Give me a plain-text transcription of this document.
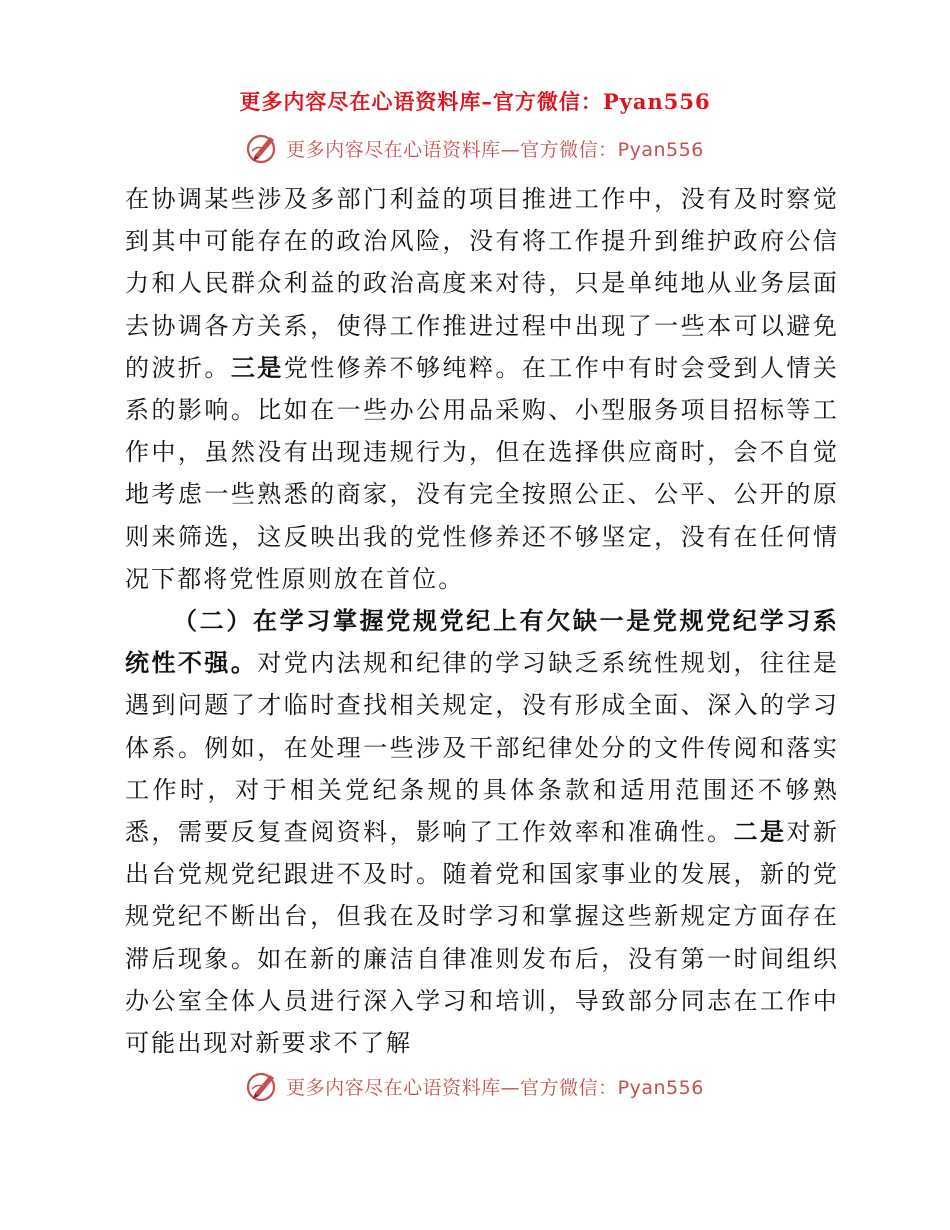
更多内容尽在心语资料库–官方微信：Pyan556
更多内容尽在心语资料库—官方微信：Pyan556

在协调某些涉及多部门利益的项目推进工作中，没有及时察觉到其中可能存在的政治风险，没有将工作提升到维护政府公信力和人民群众利益的政治高度来对待，只是单纯地从业务层面去协调各方关系，使得工作推进过程中出现了一些本可以避免的波折。三是党性修养不够纯粹。在工作中有时会受到人情关系的影响。比如在一些办公用品采购、小型服务项目招标等工作中，虽然没有出现违规行为，但在选择供应商时，会不自觉地考虑一些熟悉的商家，没有完全按照公正、公平、公开的原则来筛选，这反映出我的党性修养还不够坚定，没有在任何情况下都将党性原则放在首位。

（二）在学习掌握党规党纪上有欠缺一是党规党纪学习系统性不强。对党内法规和纪律的学习缺乏系统性规划，往往是遇到问题了才临时查找相关规定，没有形成全面、深入的学习体系。例如，在处理一些涉及干部纪律处分的文件传阅和落实工作时，对于相关党纪条规的具体条款和适用范围还不够熟悉，需要反复查阅资料，影响了工作效率和准确性。二是对新出台党规党纪跟进不及时。随着党和国家事业的发展，新的党规党纪不断出台，但我在及时学习和掌握这些新规定方面存在滞后现象。如在新的廉洁自律准则发布后，没有第一时间组织办公室全体人员进行深入学习和培训，导致部分同志在工作中可能出现对新要求不了解

更多内容尽在心语资料库—官方微信：Pyan556
